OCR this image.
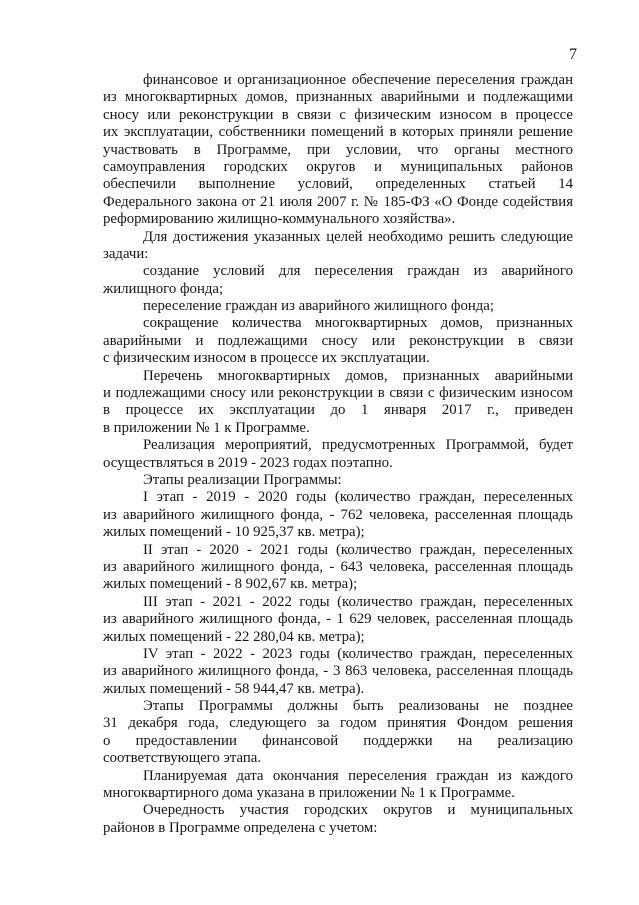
7
финансовое и организационное обеспечение переселения граждан
из многоквартирных домов, признанных аварийными и подлежащими
сносу или реконструкции в связи с физическим износом в процессе
их эксплуатации, собственники помещений в которых приняли решение
участвовать в Программе, при условии, что органы местного
самоуправления городских округов и муниципальных районов
обеспечили выполнение условий, определенных статьей 14
Федерального закона от 21 июля 2007 г. № 185-ФЗ «О Фонде содействия
реформированию жилищно-коммунального хозяйства».
Для достижения указанных целей необходимо решить следующие
задачи:
создание условий для переселения граждан из аварийного
жилищного фонда;
переселение граждан из аварийного жилищного фонда;
сокращение количества многоквартирных домов, признанных
аварийными и подлежащими сносу или реконструкции в связи
с физическим износом в процессе их эксплуатации.
Перечень многоквартирных домов, признанных аварийными
и подлежащими сносу или реконструкции в связи с физическим износом
в процессе их эксплуатации до 1 января 2017 г., приведен
в приложении № 1 к Программе.
Реализация мероприятий, предусмотренных Программой, будет
осуществляться в 2019 - 2023 годах поэтапно.
Этапы реализации Программы:
I этап - 2019 - 2020 годы (количество граждан, переселенных
из аварийного жилищного фонда, - 762 человека, расселенная площадь
жилых помещений - 10 925,37 кв. метра);
II этап - 2020 - 2021 годы (количество граждан, переселенных
из аварийного жилищного фонда, - 643 человека, расселенная площадь
жилых помещений - 8 902,67 кв. метра);
III этап - 2021 - 2022 годы (количество граждан, переселенных
из аварийного жилищного фонда, - 1 629 человек, расселенная площадь
жилых помещений - 22 280,04 кв. метра);
IV этап - 2022 - 2023 годы (количество граждан, переселенных
из аварийного жилищного фонда, - 3 863 человека, расселенная площадь
жилых помещений - 58 944,47 кв. метра).
Этапы Программы должны быть реализованы не позднее
31 декабря года, следующего за годом принятия Фондом решения
о предоставлении финансовой поддержки на реализацию
соответствующего этапа.
Планируемая дата окончания переселения граждан из каждого
многоквартирного дома указана в приложении № 1 к Программе.
Очередность участия городских округов и муниципальных
районов в Программе определена с учетом:
